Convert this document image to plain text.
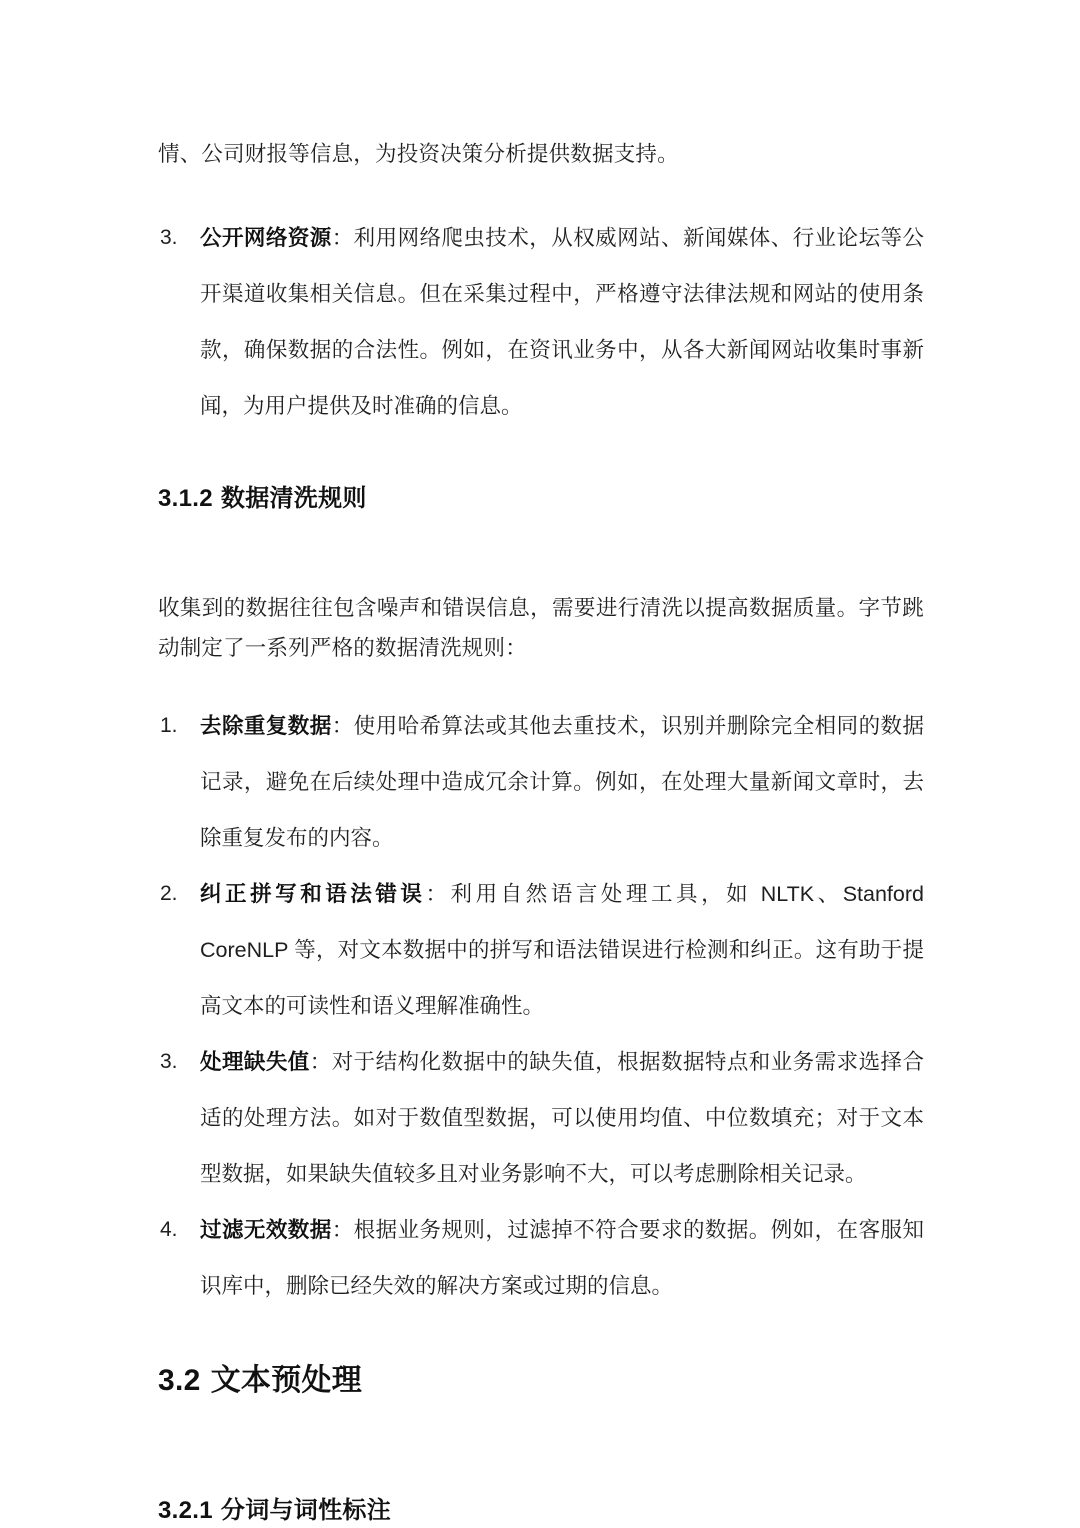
情、公司财报等信息，为投资决策分析提供数据支持。

3.	公开网络资源：利用网络爬虫技术，从权威网站、新闻媒体、行业论坛等公开渠道收集相关信息。但在采集过程中，严格遵守法律法规和网站的使用条款，确保数据的合法性。例如，在资讯业务中，从各大新闻网站收集时事新闻，为用户提供及时准确的信息。
3.1.2 数据清洗规则

收集到的数据往往包含噪声和错误信息，需要进行清洗以提高数据质量。字节跳动制定了一系列严格的数据清洗规则：

1.	去除重复数据：使用哈希算法或其他去重技术，识别并删除完全相同的数据记录，避免在后续处理中造成冗余计算。例如，在处理大量新闻文章时，去除重复发布的内容。
2.	纠正拼写和语法错误：利用自然语言处理工具，如 NLTK、Stanford CoreNLP 等，对文本数据中的拼写和语法错误进行检测和纠正。这有助于提高文本的可读性和语义理解准确性。
3.	处理缺失值：对于结构化数据中的缺失值，根据数据特点和业务需求选择合适的处理方法。如对于数值型数据，可以使用均值、中位数填充；对于文本型数据，如果缺失值较多且对业务影响不大，可以考虑删除相关记录。
4.	过滤无效数据：根据业务规则，过滤掉不符合要求的数据。例如，在客服知识库中，删除已经失效的解决方案或过期的信息。
3.2 文本预处理
3.2.1 分词与词性标注
